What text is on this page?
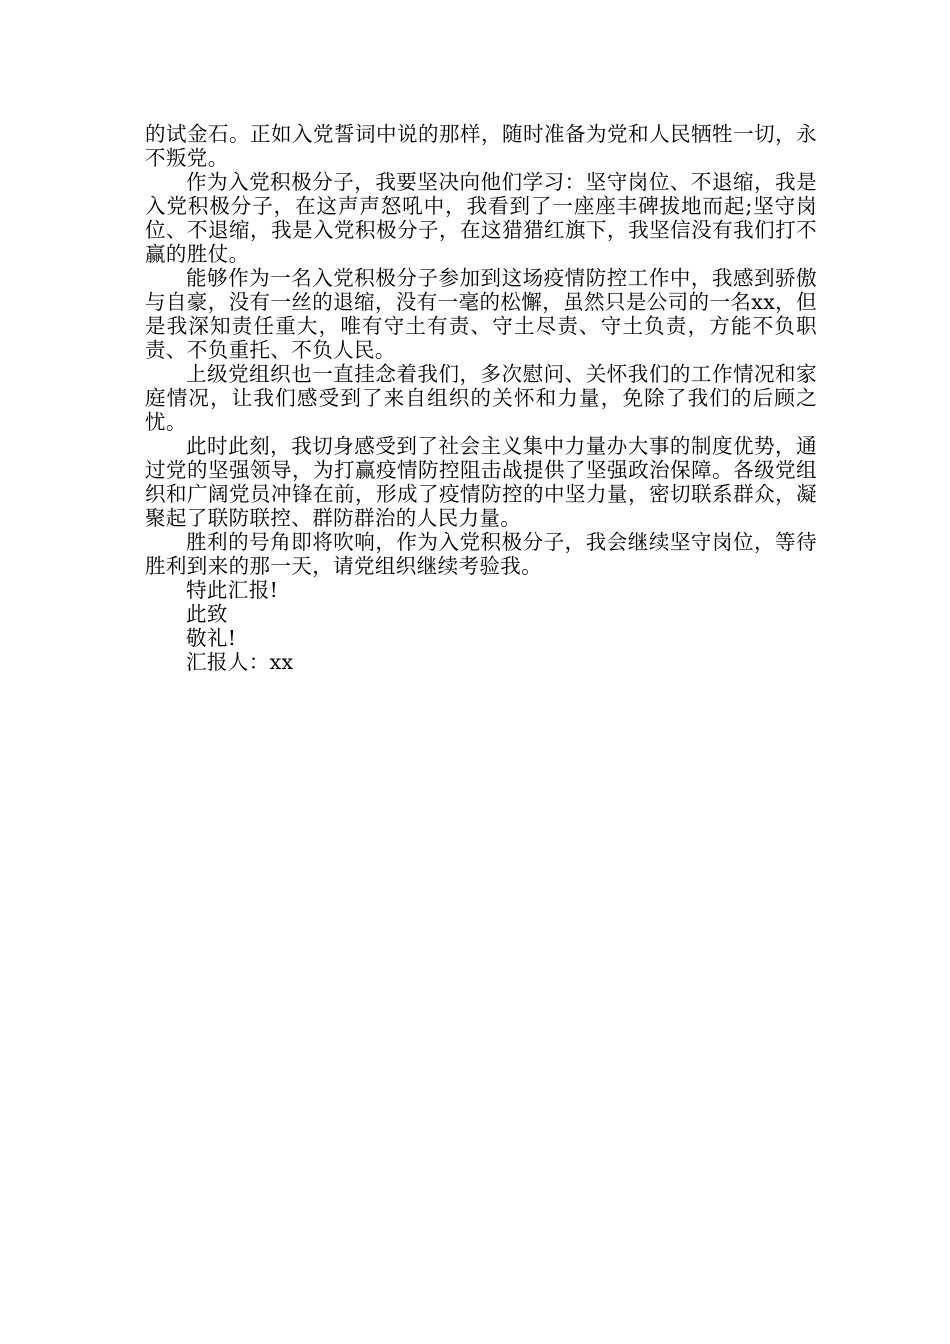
的试金石。正如入党誓词中说的那样，随时准备为党和人民牺牲一切，永不叛党。

作为入党积极分子，我要坚决向他们学习：坚守岗位、不退缩，我是入党积极分子，在这声声怒吼中，我看到了一座座丰碑拔地而起;坚守岗位、不退缩，我是入党积极分子，在这猎猎红旗下，我坚信没有我们打不赢的胜仗。

能够作为一名入党积极分子参加到这场疫情防控工作中，我感到骄傲与自豪，没有一丝的退缩，没有一毫的松懈，虽然只是公司的一名xx，但是我深知责任重大，唯有守土有责、守土尽责、守土负责，方能不负职责、不负重托、不负人民。

上级党组织也一直挂念着我们，多次慰问、关怀我们的工作情况和家庭情况，让我们感受到了来自组织的关怀和力量，免除了我们的后顾之忧。

此时此刻，我切身感受到了社会主义集中力量办大事的制度优势，通过党的坚强领导，为打赢疫情防控阻击战提供了坚强政治保障。各级党组织和广阔党员冲锋在前，形成了疫情防控的中坚力量，密切联系群众，凝聚起了联防联控、群防群治的人民力量。

胜利的号角即将吹响，作为入党积极分子，我会继续坚守岗位，等待胜利到来的那一天，请党组织继续考验我。

特此汇报!

此致

敬礼!

汇报人：xx
